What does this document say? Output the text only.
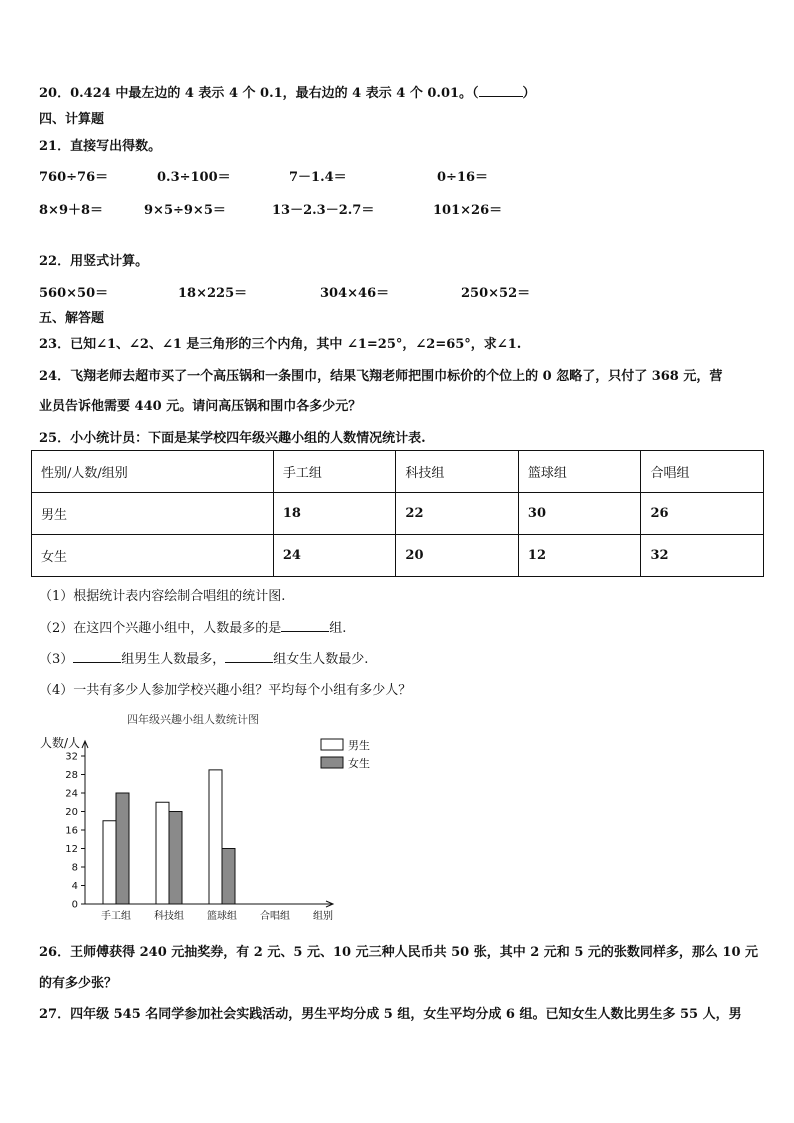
20．0.424 中最左边的 4 表示 4 个 0.1，最右边的 4 表示 4 个 0.01。（	）
四、计算题
21．直接写出得数。
760÷76＝	0.3÷100＝	7－1.4＝	0÷16＝
8×9＋8＝	9×5÷9×5＝	13－2.3－2.7＝	101×26＝
22．用竖式计算。
560×50＝	18×225＝	304×46＝	250×52＝
五、解答题
23．已知∠1、∠2、∠1 是三角形的三个内角，其中 ∠1=25°，∠2=65°，求∠1.
24．飞翔老师去超市买了一个高压锅和一条围巾，结果飞翔老师把围巾标价的个位上的 0 忽略了，只付了 368 元，营
业员告诉他需要 440 元。请问高压锅和围巾各多少元？
25．小小统计员：下面是某学校四年级兴趣小组的人数情况统计表.
性别/人数/组别	手工组	科技组	篮球组	合唱组
男生	18	22	30	26
女生	24	20	12	32
（1）根据统计表内容绘制合唱组的统计图.
（2）在这四个兴趣小组中，人数最多的是	组.
（3）	组男生人数最多，	组女生人数最少.
（4）一共有多少人参加学校兴趣小组？平均每个小组有多少人？
四年级兴趣小组人数统计图
人数/人
组别
0
4
8
12
16
20
24
28
32
手工组 科技组 篮球组 合唱组
男生
女生
26．王师傅获得 240 元抽奖券，有 2 元、5 元、10 元三种人民币共 50 张，其中 2 元和 5 元的张数同样多，那么 10 元
的有多少张？
27．四年级 545 名同学参加社会实践活动，男生平均分成 5 组，女生平均分成 6 组。已知女生人数比男生多 55 人，男
